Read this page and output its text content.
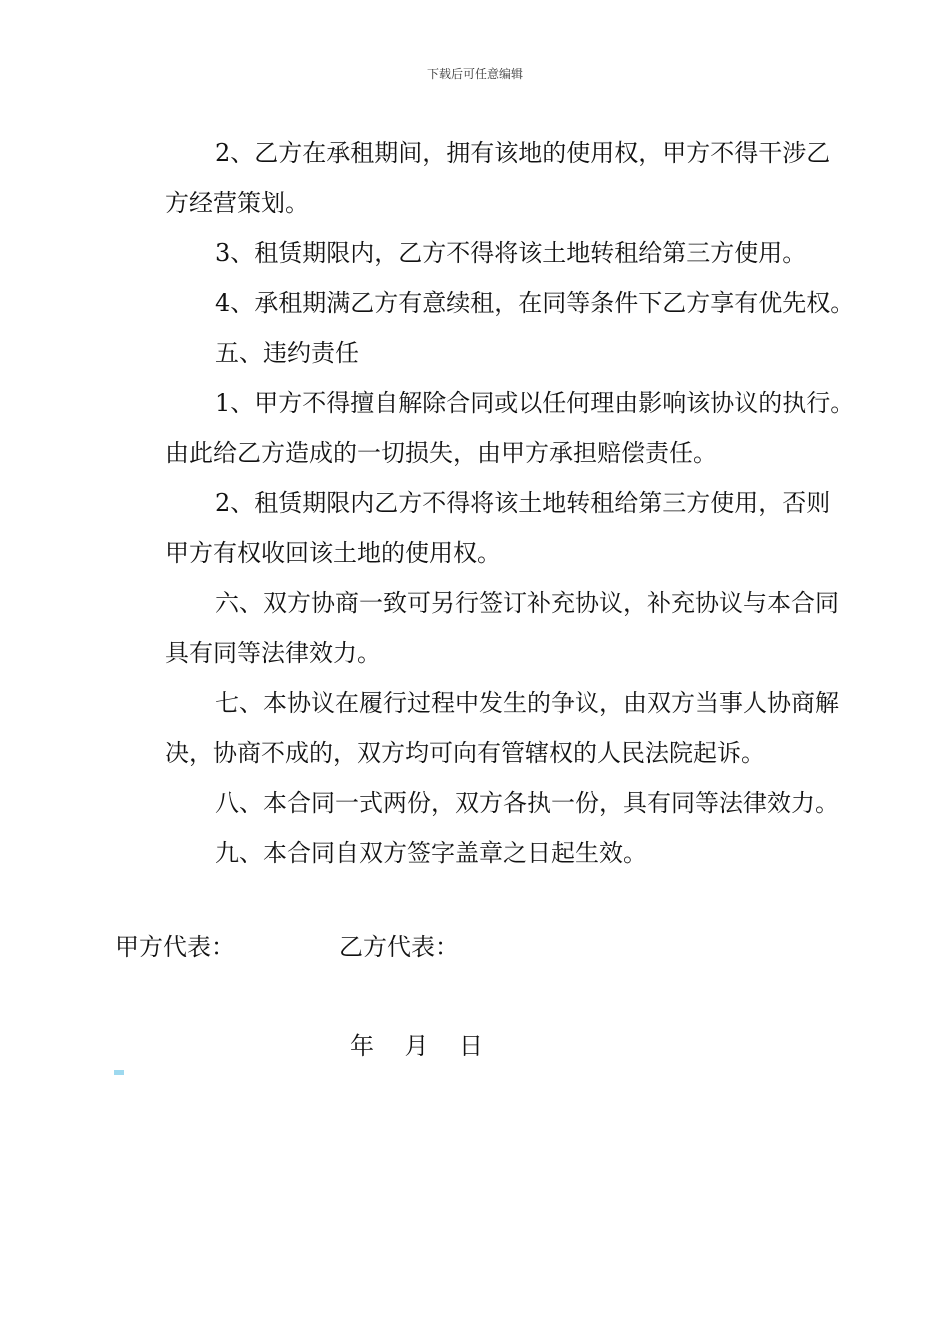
下载后可任意编辑

2、乙方在承租期间，拥有该地的使用权，甲方不得干涉乙
方经营策划。

3、租赁期限内，乙方不得将该土地转租给第三方使用。

4、承租期满乙方有意续租，在同等条件下乙方享有优先权。

五、违约责任

1、甲方不得擅自解除合同或以任何理由影响该协议的执行。
由此给乙方造成的一切损失，由甲方承担赔偿责任。

2、租赁期限内乙方不得将该土地转租给第三方使用，否则
甲方有权收回该土地的使用权。

六、双方协商一致可另行签订补充协议，补充协议与本合同
具有同等法律效力。

七、本协议在履行过程中发生的争议，由双方当事人协商解
决，协商不成的，双方均可向有管辖权的人民法院起诉。

八、本合同一式两份，双方各执一份，具有同等法律效力。

九、本合同自双方签字盖章之日起生效。

甲方代表：	乙方代表：
年    月    日
